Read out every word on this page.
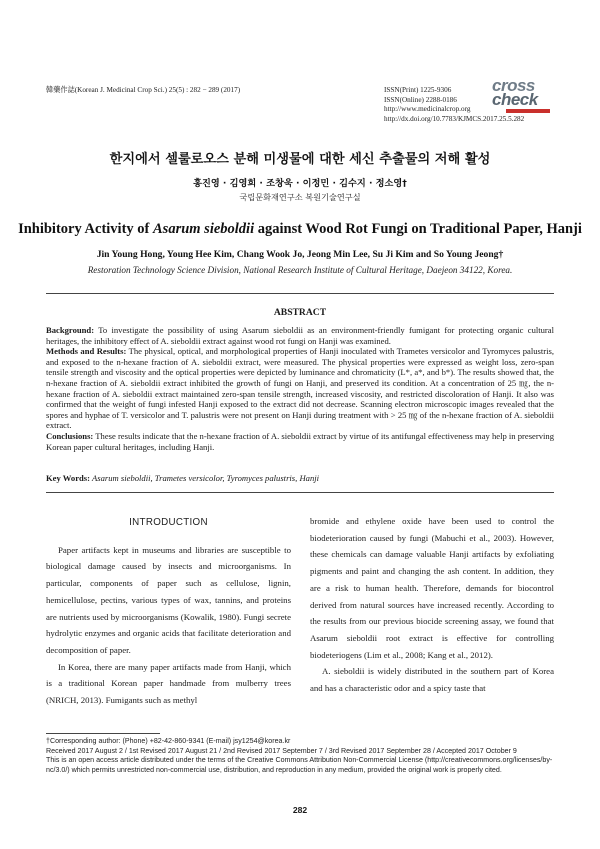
韓藥作誌(Korean J. Medicinal Crop Sci.) 25(5) : 282 − 289 (2017)	ISSN(Print) 1225-9306
ISSN(Online) 2288-0186
http://www.medicinalcrop.org
http://dx.doi.org/10.7783/KJMCS.2017.25.5.282
cross
check
한지에서 셀룰로오스 분해 미생물에 대한 세신 추출물의 저해 활성
홍진영 · 김영희 · 조창욱 · 이정민 · 김수지 · 정소영†
국립문화재연구소 복원기술연구실
Inhibitory Activity of Asarum sieboldii against Wood Rot Fungi on Traditional Paper, Hanji
Jin Young Hong, Young Hee Kim, Chang Wook Jo, Jeong Min Lee, Su Ji Kim and So Young Jeong†
Restoration Technology Science Division, National Research Institute of Cultural Heritage, Daejeon 34122, Korea.
ABSTRACT

Background: To investigate the possibility of using Asarum sieboldii as an environment-friendly fumigant for protecting organic cultural heritages, the inhibitory effect of A. sieboldii extract against wood rot fungi on Hanji was examined.

Methods and Results: The physical, optical, and morphological properties of Hanji inoculated with Trametes versicolor and Tyromyces palustris, and exposed to the n-hexane fraction of A. sieboldii extract, were measured. The physical properties were expressed as weight loss, zero-span tensile strength and viscosity and the optical properties were depicted by luminance and chromaticity (L*, a*, and b*). The results showed that, the n-hexane fraction of A. sieboldii extract inhibited the growth of fungi on Hanji, and preserved its condition. At a concentration of 25 ㎎, the n-hexane fraction of A. sieboldii extract maintained zero-span tensile strength, increased viscosity, and restricted discoloration of Hanji. It also was confirmed that the weight of fungi infested Hanji exposed to the extract did not decrease. Scanning electron microscopic images revealed that the spores and hyphae of T. versicolor and T. palustris were not present on Hanji during treatment with > 25 ㎎ of the n-hexane fraction of A. sieboldii extract.

Conclusions: These results indicate that the n-hexane fraction of A. sieboldii extract by virtue of its antifungal effectiveness may help in preserving Korean paper cultural heritages, including Hanji.

Key Words: Asarum sieboldii, Trametes versicolor, Tyromyces palustris, Hanji
INTRODUCTION

Paper artifacts kept in museums and libraries are susceptible to biological damage caused by insects and microorganisms. In particular, components of paper such as cellulose, lignin, hemicellulose, pectins, various types of wax, tannins, and proteins are nutrients used by microorganisms (Kowalik, 1980). Fungi secrete hydrolytic enzymes and organic acids that facilitate deterioration and decomposition of paper.

In Korea, there are many paper artifacts made from Hanji, which is a traditional Korean paper handmade from mulberry trees (NRICH, 2013). Fumigants such as methyl

bromide and ethylene oxide have been used to control the biodeterioration caused by fungi (Mabuchi et al., 2003). However, these chemicals can damage valuable Hanji artifacts by exfoliating pigments and paint and changing the ash content. In addition, they are a risk to human health. Therefore, demands for biocontrol derived from natural sources have increased recently. According to the results from our previous biocide screening assay, we found that Asarum sieboldii root extract is effective for controlling biodeteriogens (Lim et al., 2008; Kang et al., 2012).

A. sieboldii is widely distributed in the southern part of Korea and has a characteristic odor and a spicy taste that

†Corresponding author: (Phone) +82-42-860-9341 (E-mail) jsy1254@korea.kr

Received 2017 August 2 / 1st Revised 2017 August 21 / 2nd Revised 2017 September 7 / 3rd Revised 2017 September 28 / Accepted 2017 October 9

This is an open access article distributed under the terms of the Creative Commons Attribution Non-Commercial License (http://creativecommons.org/licenses/by-nc/3.0/) which permits unrestricted non-commercial use, distribution, and reproduction in any medium, provided the original work is properly cited.

282
